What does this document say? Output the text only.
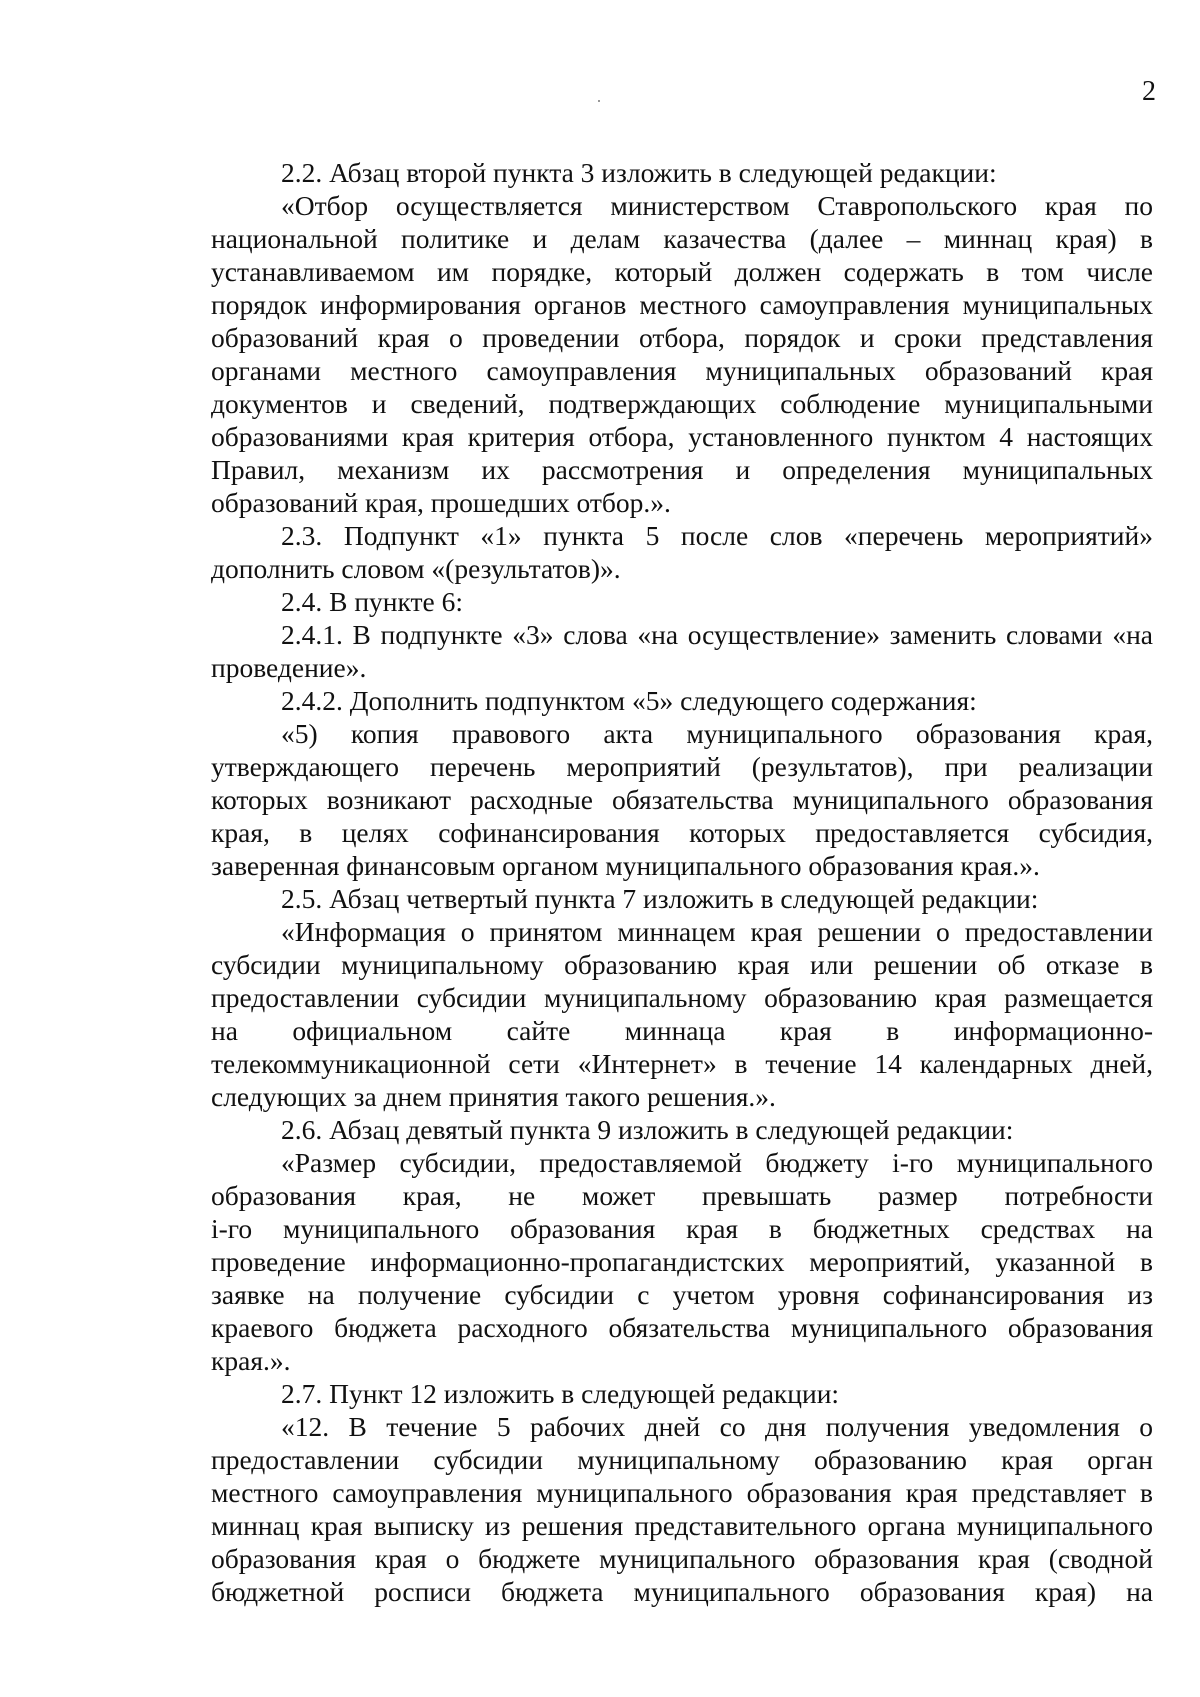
2
2.2. Абзац второй пункта 3 изложить в следующей редакции:
«Отбор осуществляется министерством Ставропольского края по
национальной политике и делам казачества (далее – миннац края) в
устанавливаемом им порядке, который должен содержать в том числе
порядок информирования органов местного самоуправления муниципальных
образований края о проведении отбора, порядок и сроки представления
органами местного самоуправления муниципальных образований края
документов и сведений, подтверждающих соблюдение муниципальными
образованиями края критерия отбора, установленного пунктом 4 настоящих
Правил, механизм их рассмотрения и определения муниципальных
образований края, прошедших отбор.».
2.3. Подпункт «1» пункта 5 после слов «перечень мероприятий»
дополнить словом «(результатов)».
2.4. В пункте 6:
2.4.1. В подпункте «3» слова «на осуществление» заменить словами «на
проведение».
2.4.2. Дополнить подпунктом «5» следующего содержания:
«5) копия правового акта муниципального образования края,
утверждающего перечень мероприятий (результатов), при реализации
которых возникают расходные обязательства муниципального образования
края, в целях софинансирования которых предоставляется субсидия,
заверенная финансовым органом муниципального образования края.».
2.5. Абзац четвертый пункта 7 изложить в следующей редакции:
«Информация о принятом миннацем края решении о предоставлении
субсидии муниципальному образованию края или решении об отказе в
предоставлении субсидии муниципальному образованию края размещается
на официальном сайте миннаца края в информационно-
телекоммуникационной сети «Интернет» в течение 14 календарных дней,
следующих за днем принятия такого решения.».
2.6. Абзац девятый пункта 9 изложить в следующей редакции:
«Размер субсидии, предоставляемой бюджету i-го муниципального
образования края, не может превышать размер потребности
i-го муниципального образования края в бюджетных средствах на
проведение информационно-пропагандистских мероприятий, указанной в
заявке на получение субсидии с учетом уровня софинансирования из
краевого бюджета расходного обязательства муниципального образования
края.».
2.7. Пункт 12 изложить в следующей редакции:
«12. В течение 5 рабочих дней со дня получения уведомления о
предоставлении субсидии муниципальному образованию края орган
местного самоуправления муниципального образования края представляет в
миннац края выписку из решения представительного органа муниципального
образования края о бюджете муниципального образования края (сводной
бюджетной росписи бюджета муниципального образования края) на
